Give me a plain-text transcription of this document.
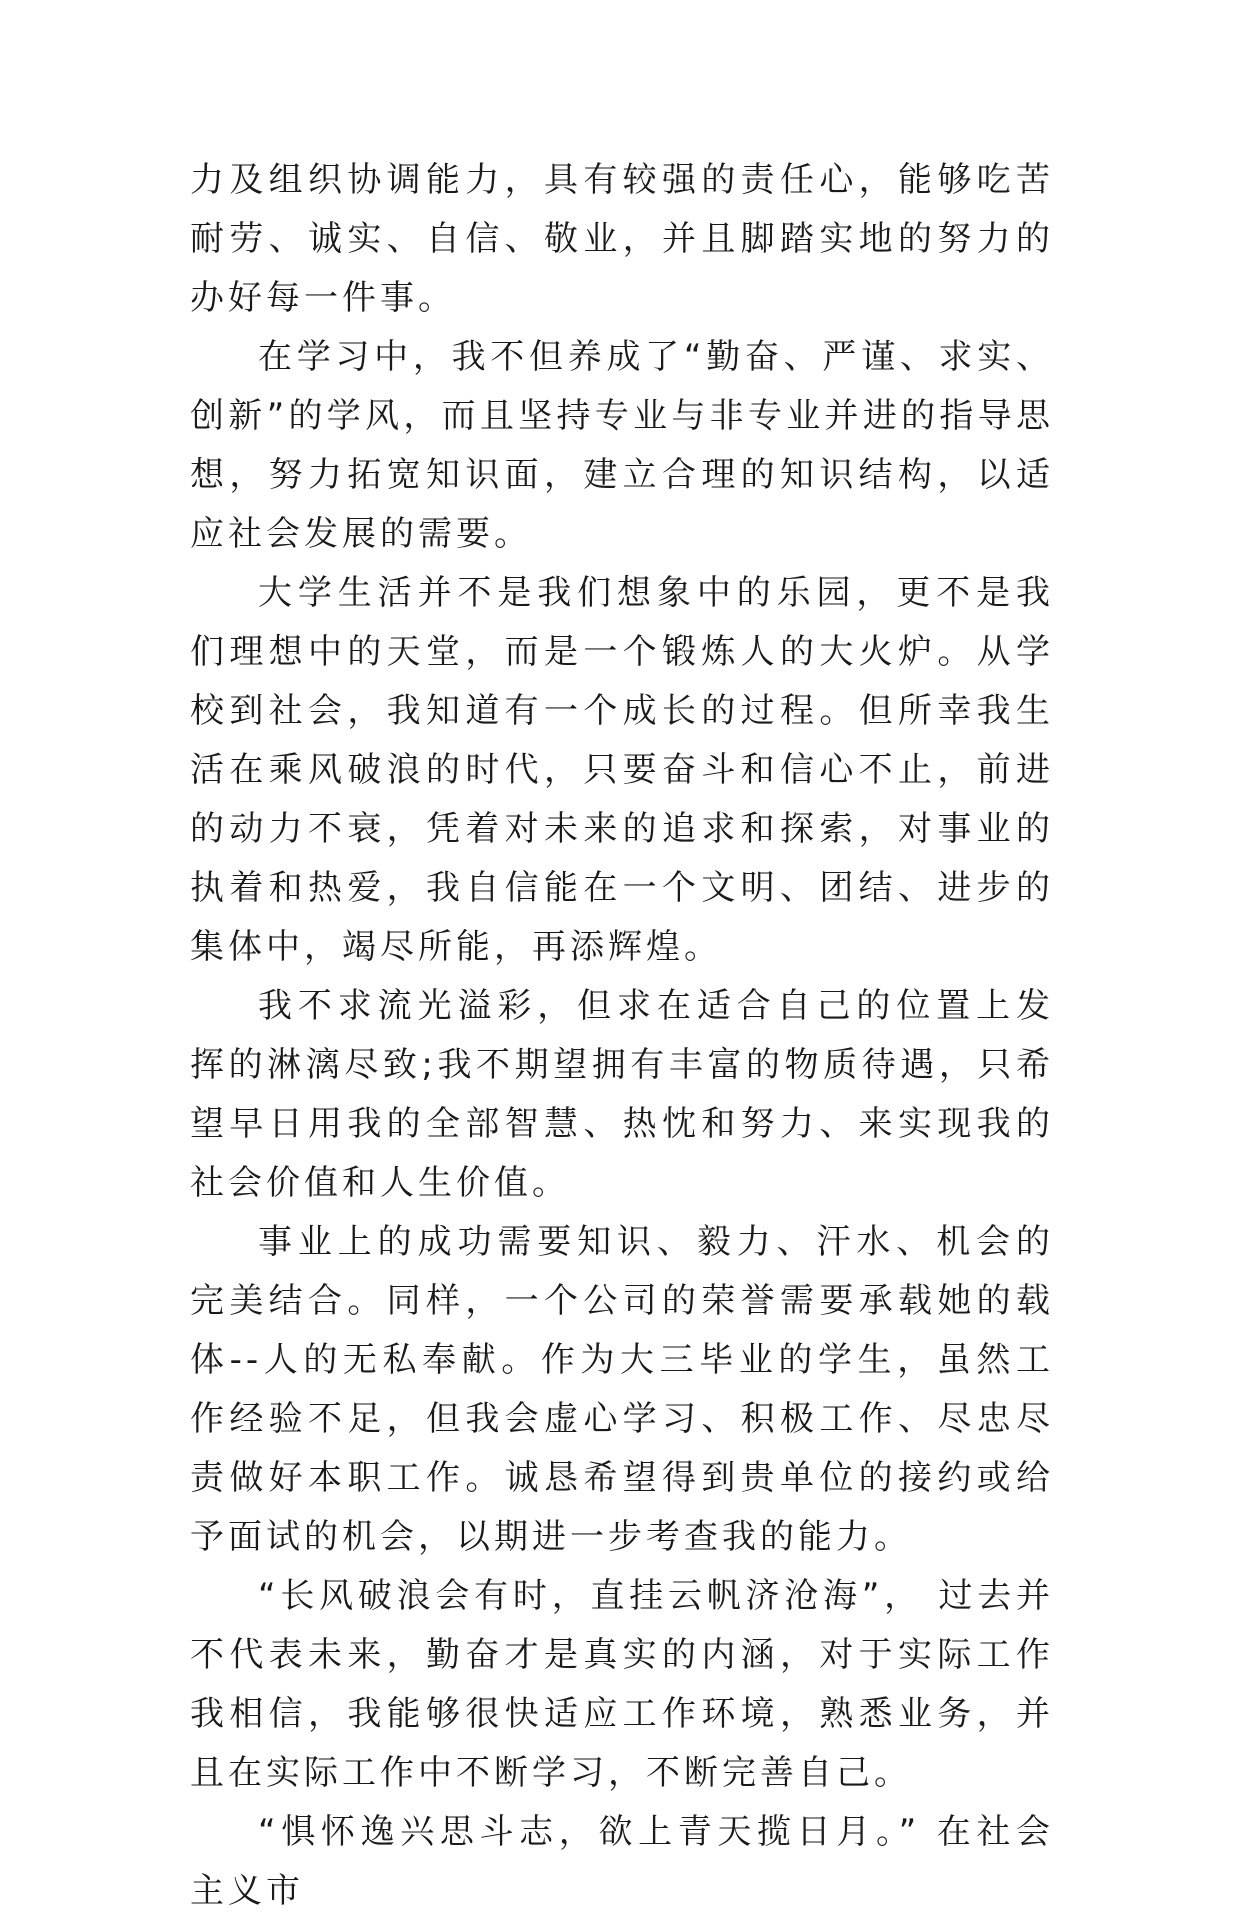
力及组织协调能力，具有较强的责任心，能够吃苦耐劳、诚实、自信、敬业，并且脚踏实地的努力的办好每一件事。

在学习中，我不但养成了“勤奋、严谨、求实、创新”的学风，而且坚持专业与非专业并进的指导思想，努力拓宽知识面，建立合理的知识结构，以适应社会发展的需要。

大学生活并不是我们想象中的乐园，更不是我们理想中的天堂，而是一个锻炼人的大火炉。从学校到社会，我知道有一个成长的过程。但所幸我生活在乘风破浪的时代，只要奋斗和信心不止，前进的动力不衰，凭着对未来的追求和探索，对事业的执着和热爱，我自信能在一个文明、团结、进步的集体中，竭尽所能，再添辉煌。

我不求流光溢彩，但求在适合自己的位置上发挥的淋漓尽致;我不期望拥有丰富的物质待遇，只希望早日用我的全部智慧、热忱和努力、来实现我的社会价值和人生价值。

事业上的成功需要知识、毅力、汗水、机会的完美结合。同样，一个公司的荣誉需要承载她的载体--人的无私奉献。作为大三毕业的学生，虽然工作经验不足，但我会虚心学习、积极工作、尽忠尽责做好本职工作。诚恳希望得到贵单位的接约或给予面试的机会，以期进一步考查我的能力。

“长风破浪会有时，直挂云帆济沧海”， 过去并不代表未来，勤奋才是真实的内涵，对于实际工作我相信，我能够很快适应工作环境，熟悉业务，并且在实际工作中不断学习，不断完善自己。

“惧怀逸兴思斗志，欲上青天揽日月。” 在社会主义市
